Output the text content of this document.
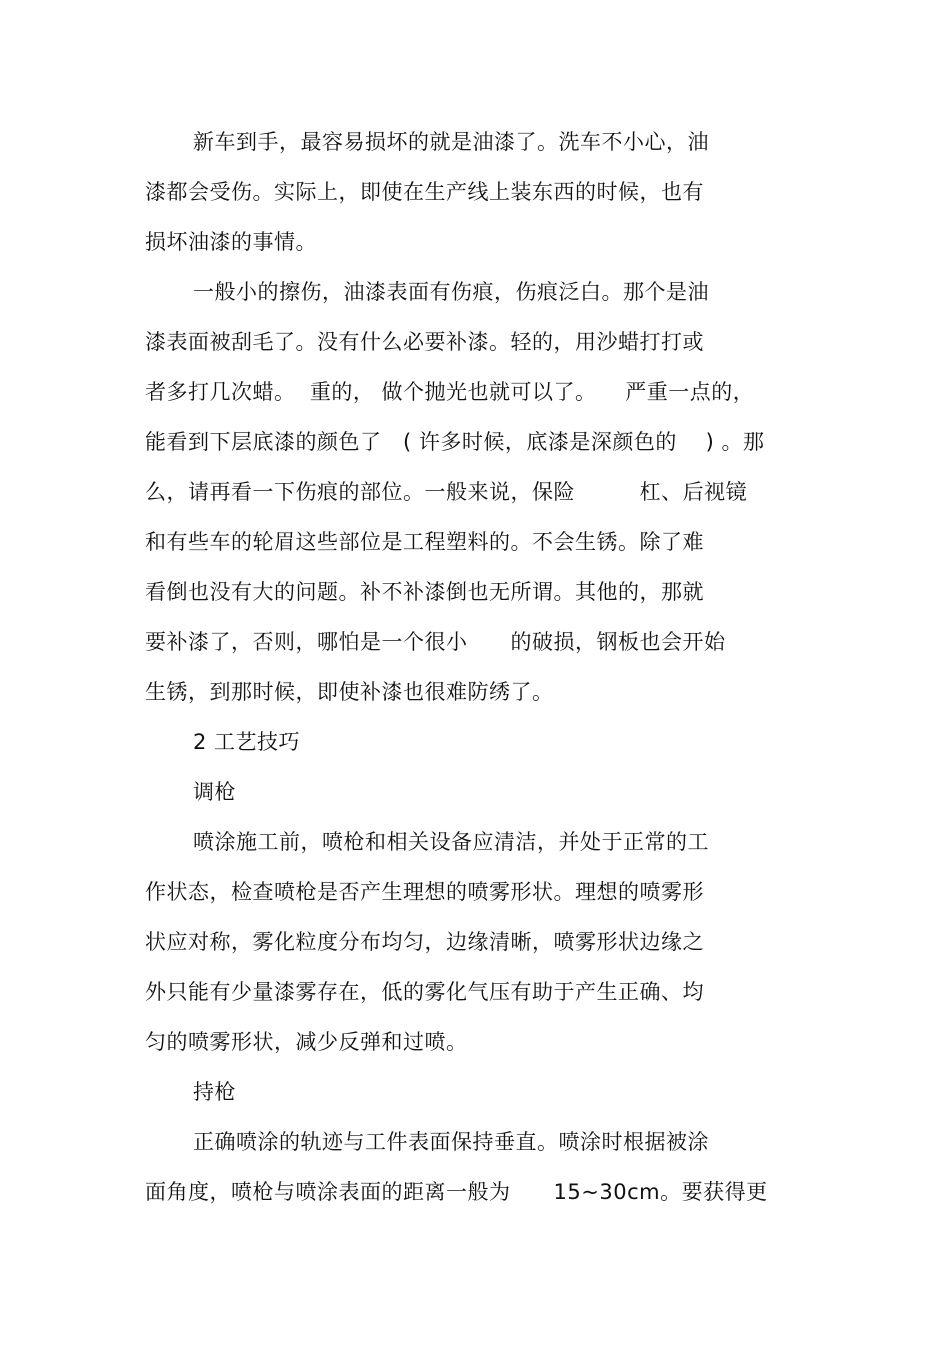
新车到手，最容易损坏的就是油漆了。洗车不小心，油
漆都会受伤。实际上，即使在生产线上装东西的时候，也有
损坏油漆的事情。
一般小的擦伤，油漆表面有伤痕，伤痕泛白。那个是油
漆表面被刮毛了。没有什么必要补漆。轻的，用沙蜡打打或
者多打几次蜡。  重的， 做个抛光也就可以了。    严重一点的，
能看到下层底漆的颜色了   ( 许多时候，底漆是深颜色的    ) 。那
么，请再看一下伤痕的部位。一般来说，保险         杠、后视镜
和有些车的轮眉这些部位是工程塑料的。不会生锈。除了难
看倒也没有大的问题。补不补漆倒也无所谓。其他的，那就
要补漆了，否则，哪怕是一个很小      的破损，钢板也会开始
生锈，到那时候，即使补漆也很难防绣了。
2 工艺技巧
调枪
喷涂施工前，喷枪和相关设备应清洁，并处于正常的工
作状态，检查喷枪是否产生理想的喷雾形状。理想的喷雾形
状应对称，雾化粒度分布均匀，边缘清晰，喷雾形状边缘之
外只能有少量漆雾存在，低的雾化气压有助于产生正确、均
匀的喷雾形状，减少反弹和过喷。
持枪
正确喷涂的轨迹与工件表面保持垂直。喷涂时根据被涂
面角度，喷枪与喷涂表面的距离一般为      15~30cm。要获得更
